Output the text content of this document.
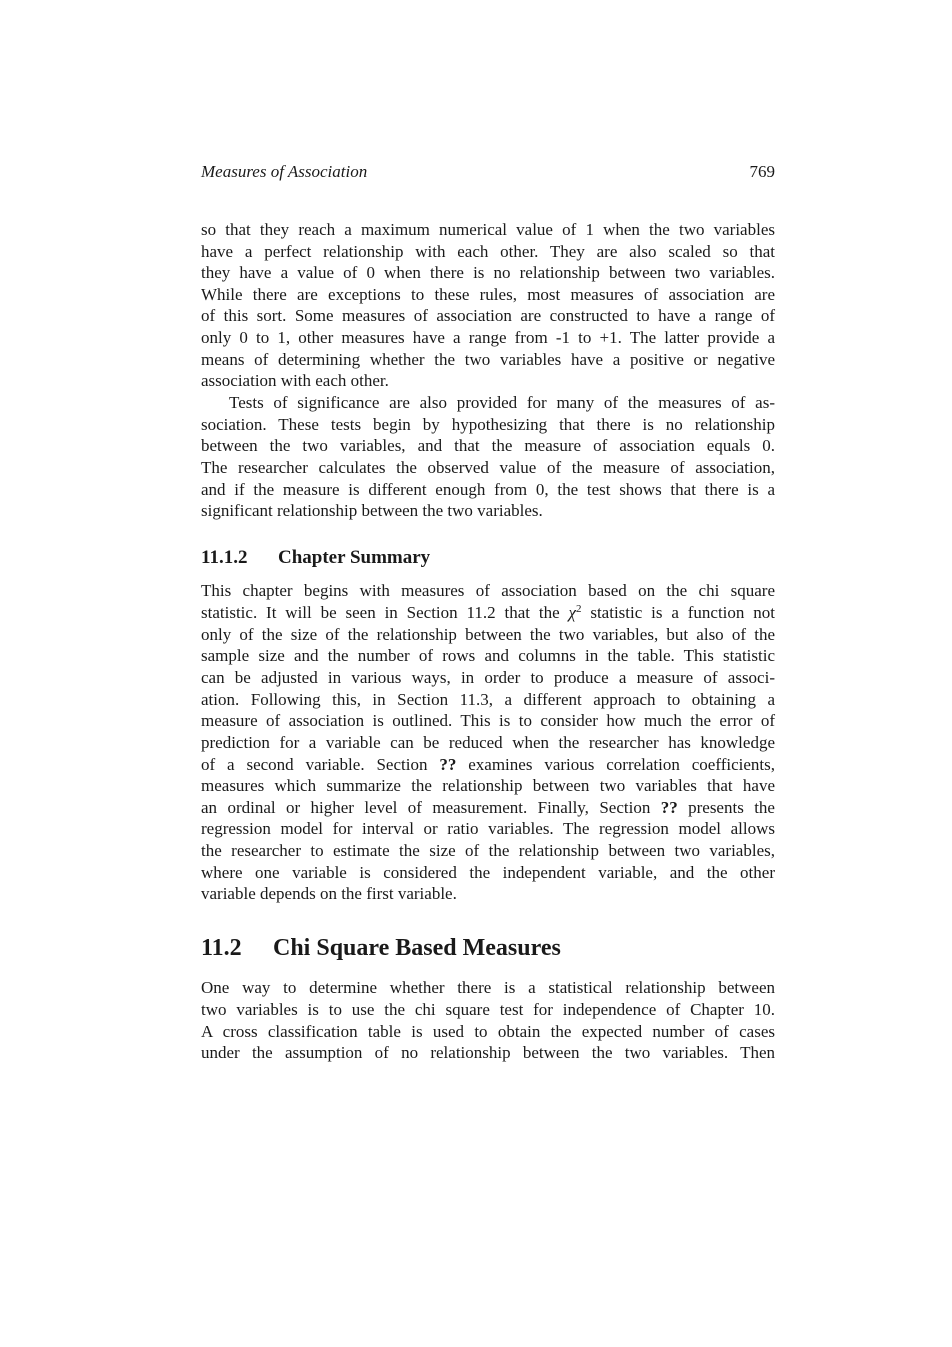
Measures of Association	769
so that they reach a maximum numerical value of 1 when the two variables
have a perfect relationship with each other. They are also scaled so that
they have a value of 0 when there is no relationship between two variables.
While there are exceptions to these rules, most measures of association are
of this sort. Some measures of association are constructed to have a range of
only 0 to 1, other measures have a range from -1 to +1. The latter provide a
means of determining whether the two variables have a positive or negative
association with each other.
Tests of significance are also provided for many of the measures of as-
sociation. These tests begin by hypothesizing that there is no relationship
between the two variables, and that the measure of association equals 0.
The researcher calculates the observed value of the measure of association,
and if the measure is different enough from 0, the test shows that there is a
significant relationship between the two variables.
11.1.2 Chapter Summary
This chapter begins with measures of association based on the chi square
statistic. It will be seen in Section 11.2 that the $\chi^2$ statistic is a function not
only of the size of the relationship between the two variables, but also of the
sample size and the number of rows and columns in the table. This statistic
can be adjusted in various ways, in order to produce a measure of associ-
ation. Following this, in Section 11.3, a different approach to obtaining a
measure of association is outlined. This is to consider how much the error of
prediction for a variable can be reduced when the researcher has knowledge
of a second variable. Section ?? examines various correlation coefficients,
measures which summarize the relationship between two variables that have
an ordinal or higher level of measurement. Finally, Section ?? presents the
regression model for interval or ratio variables. The regression model allows
the researcher to estimate the size of the relationship between two variables,
where one variable is considered the independent variable, and the other
variable depends on the first variable.
11.2 Chi Square Based Measures
One way to determine whether there is a statistical relationship between
two variables is to use the chi square test for independence of Chapter 10.
A cross classification table is used to obtain the expected number of cases
under the assumption of no relationship between the two variables. Then
